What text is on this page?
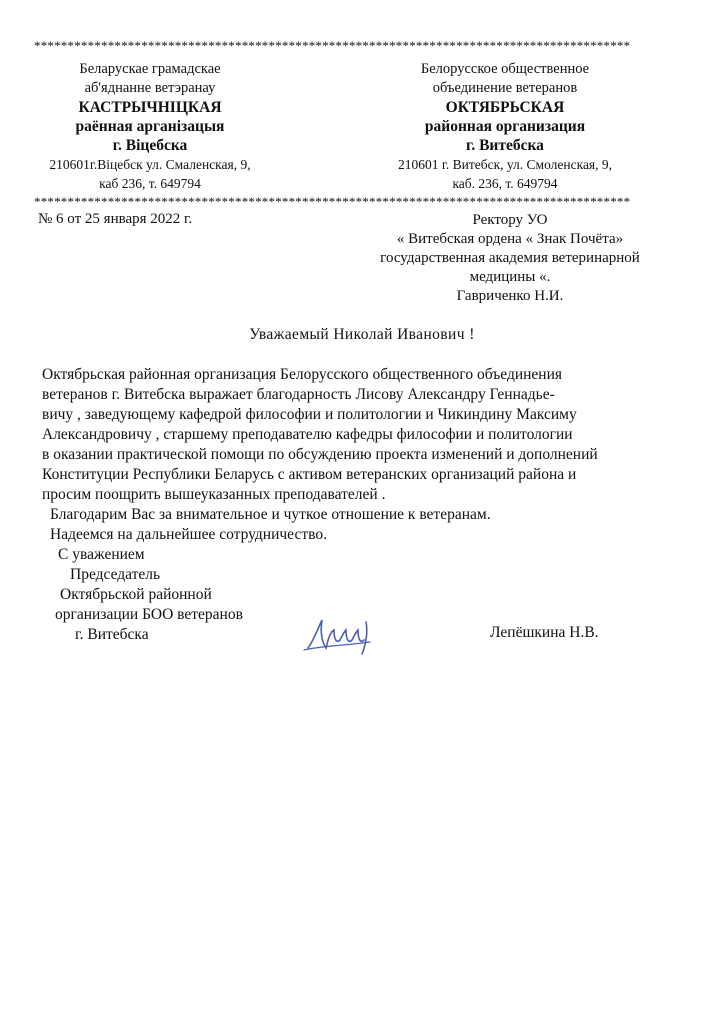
*****************************************************************************************
Беларускае грамадскае
аб'яднанне ветэранау
КАСТРЫЧНІЦКАЯ
раённая арганізацыя
г. Віцебска
210601г.Віцебск ул. Смаленская, 9,
каб 236, т. 649794
Белорусское общественное
объединение ветеранов
ОКТЯБРЬСКАЯ
районная организация
г. Витебска
210601 г. Витебск, ул. Смоленская, 9,
каб. 236, т. 649794
*****************************************************************************************
№ 6 от 25 января 2022 г.	Ректору УО
« Витебская ордена « Знак Почёта»
государственная академия ветеринарной
медицины «.
Гавриченко Н.И.
Уважаемый Николай Иванович !
Октябрьская районная организация Белорусского общественного объединения
ветеранов г. Витебска выражает благодарность Лисову Александру Геннадье-
вичу , заведующему кафедрой философии и политологии и Чикиндину Максиму
Александровичу , старшему преподавателю кафедры философии и политологии
в оказании практической помощи по обсуждению проекта изменений и дополнений
Конституции Республики Беларусь с активом ветеранских организаций района и
просим поощрить вышеуказанных преподавателей .
Благодарим Вас за внимательное и чуткое отношение к ветеранам.
Надеемся на дальнейшее сотрудничество.
С уважением
Председатель
Октябрьской районной
организации БОО ветеранов
г. Витебска	Лепёшкина Н.В.
